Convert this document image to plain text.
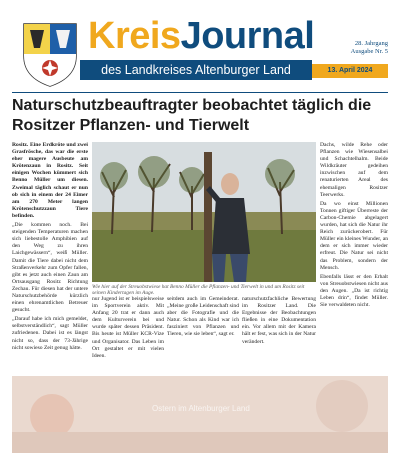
KreisJournal	28. Jahrgang
Ausgabe Nr. 5
des Landkreises Altenburger Land	13. April 2024
Naturschutzbeauftragter beobachtet täglich die Rositzer Pflanzen- und Tierwelt

Rositz. Eine Erdkröte und zwei Grasfrösche, das war die erste eher magere Ausbeute am Krötenzaun in Rositz. Seit einigen Wochen kümmert sich Benno Müller um diesen. Zweimal täglich schaut er nun ob sich in einem der 24 Eimer am 270 Meter langen Krötenschutzzaun Tiere befinden.

„Die kommen noch. Bei steigenden Temperaturen machen sich liebestolle Amphibien auf den Weg zu ihren Laichgewässern“, weiß Müller. Damit die Tiere dabei nicht dem Straßenverkehr zum Opfer fallen, gibt es jetzt auch einen Zaun am Ortsausgang Rositz Richtung Zechau. Für diesen hat der untere Naturschutzbehörde kürzlich einen ehrenamtlichen Betreuer gesucht.

„Darauf habe ich mich gemeldet, selbstverständlich“, sagt Müller zufriedenen. Dabei ist es längst nicht so, dass der 73-Jährige nicht sowieso Zeit genug hätte.

Wie hier auf der Streuobstwiese hat Benno Müller die Pflanzen- und Tierwelt in und um Rositz seit seinen Kindertagen im Auge.

nur Jugend ist er beispielsweise im Sportverein aktiv. Mit Anfang 20 trat er dann auch dem Kulturverein bei und wurde später dessen Präsident. Bis heute ist Müller KCR-Vize und Organisator. Das Leben im Ort gestaltet er mit vielen Ideen.

seitdem auch im Gemeinderat. „Meine große Leidenschaft sind aber die Fotografie und die Natur. Schon als Kind war ich fasziniert von Pflanzen und Tieren, wie sie leben“, sagt er.

naturschutzfachliche Bewertung im Rositzer Land. Die Ergebnisse der Beobachtungen fließen in eine Dokumentation ein. Vor allem mit der Kamera hält er fest, was sich in der Natur verändert.

Dachs, wilde Rehe oder Pflanzen wie Wiesensalbei und Schachtelhalm. Beide Wildkräuter gedeihen inzwischen auf dem renaturierten Areal des ehemaligen Rositzer Teerwerks.

Da wo einst Millionen Tonnen giftiger Überreste der Carbon-Chemie abgelagert wurden, hat sich die Natur ihr Reich zurückerobert. Für Müller ein kleines Wunder, an dem er sich immer wieder erfreut. Die Natur sei nicht das Problem, sondern der Mensch.

Ebenfalls lässt er den Erhalt von Streuobstwiesen nicht aus den Augen. „Da ist richtig Leben drin“, findet Müller. Sie verwaldeten nicht.

Ostern im Altenburger Land
